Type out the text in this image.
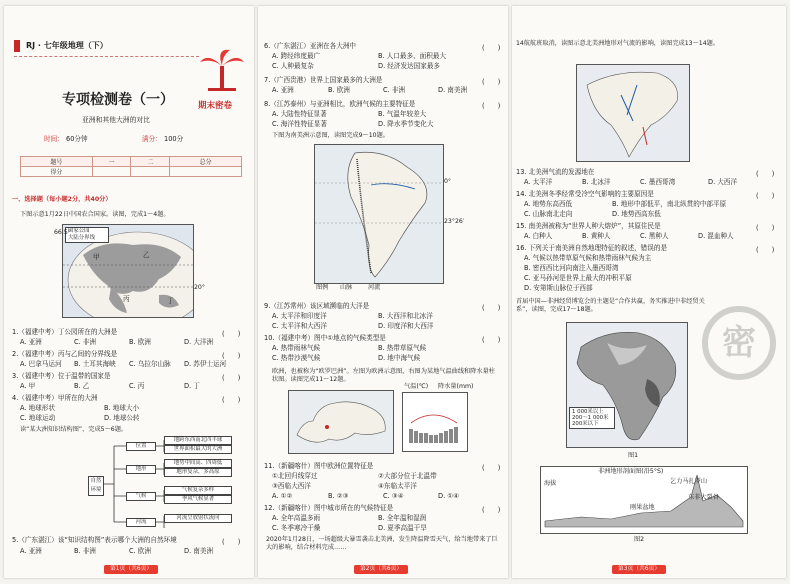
RJ · 七年级地理（下）
期末密卷
专项检测卷（一）
亚洲和其他大洲的对比
时间： 60分钟	满分： 100分
题号	一	二	总分
得分			
一、选择题（每小题2分，共40分）
下图示意1月22日中国农合国家。读图，完成1～4题。
国家公园
大陆分界线
甲	乙
丙	丁
66.5°
20°
1.（福建中考）丁公园所在的大洲是	(　　)
A. 亚洲	C. 非洲	B. 欧洲	D. 大洋洲
2.（福建中考）丙与乙间的分界线是	(　　)
A. 巴拿马运河 B. 土耳其海峡 C. 乌拉尔山脉 D. 苏伊士运河
3.（福建中考）位于温带的国家是	(　　)
A. 甲	B. 乙	C. 丙	D. 丁
4.（福建中考）甲所在的大洲	(　　)
A. 地球形状	B. 地球大小
C. 地球运动	D. 地球公转
读“某大洲知识结构图”，完成5～6题。
自然环境
位置
地形
气候
河流
地跨东西南北四半球
世界面积最大的大洲
地势中间高、四周低
地形复杂，多高原
气候复杂多样
季风气候显著
河流呈放射状流向
5.（广东湛江）该“知识结构图”表示哪个大洲的自然环境	(　　)
A. 亚洲	B. 非洲	C. 欧洲	D. 南美洲
第1页（共6页）
6.（广东湛江）亚洲在各大洲中	(　　)
A. 跨经纬度最广	B. 人口最多、面积最大
C. 人种最复杂	D. 经济发达国家最多
7.（广西贵港）世界上国家最多的大洲是	(　　)
A. 亚洲	B. 欧洲	C. 非洲	D. 南美洲
8.（江苏泰州）与亚洲相比，欧洲气候的主要特征是	(　　)
A. 大陆性特征显著	B. 气温年较差大
C. 海洋性特征显著	D. 降水季节变化大
下图为南美洲示意图，读图完成9～10题。
0°
23°26′
图例 山脉	河流
9.（江苏常州）该区域濒临的大洋是	(　　)
A. 太平洋和印度洋	B. 大西洋和北冰洋
C. 太平洋和大西洋	D. 印度洋和大西洋
10.（福建中考）图中①地点的气候类型是	(　　)
A. 热带雨林气候	B. 热带草原气候
C. 热带沙漠气候	D. 地中海气候
欧洲，也被称为“欧罗巴洲”。左图为欧洲示意图，右图为某地气温曲线和降水量柱状图。读图完成11～12题。
气温(℃) 降水量(mm)
11.（新疆喀什）图中欧洲位置特征是	(　　)
①北回归线穿过	②大部分位于北温带
③西临大西洋	④东临太平洋
A. ①②	B. ②③	C. ③④	D. ①④
12.（新疆喀什）图中城市所在的气候特征是	(　　)
A. 全年高温多雨	B. 全年温和湿润
C. 冬季寒冷干燥	D. 夏季高温干旱
2020年1月28日，一场超级大暴雪袭击北美洲，发生降温降雪天气，给当地带来了巨大的影响，结合材料完成……
第2页（共6页）
14航航班取消，读图示意北美洲地形对气流的影响，读图完成13～14题。
13. 北美洲气流的发源地在	(　　)
A. 太平洋	B. 北冰洋	C. 墨西哥湾	D. 大西洋
14. 北美洲冬季经常受冷空气影响的主要原因是	(　　)
A. 地势东高西低	B. 地形中部低平，南北纵贯的中部平原
C. 山脉南北走向	D. 地势西高东低
15. 南美洲被称为“世界人种大熔炉”，其原住民是	(　　)
A. 白种人	B. 黄种人	C. 黑种人	D. 混血种人
16. 下列关于南美洲自然地理特征的叙述，错误的是	(　　)
A. 气候以热带草原气候和热带雨林气候为主
B. 密西西比河向南注入墨西哥湾
C. 亚马孙河是世界上最大的冲积平原
D. 安第斯山脉位于西部
首届中国—非洲经贸博览会的主题是“合作共赢，务实推进中非经贸关系”，读图，完成17～18题。
密
1 000米以上
200～1 000米
200米以下
图1
非洲地形剖面图(沿5°S)
海拔	乞力马扎罗山
刚果盆地
东非大裂谷
图2
第3页（共6页）
